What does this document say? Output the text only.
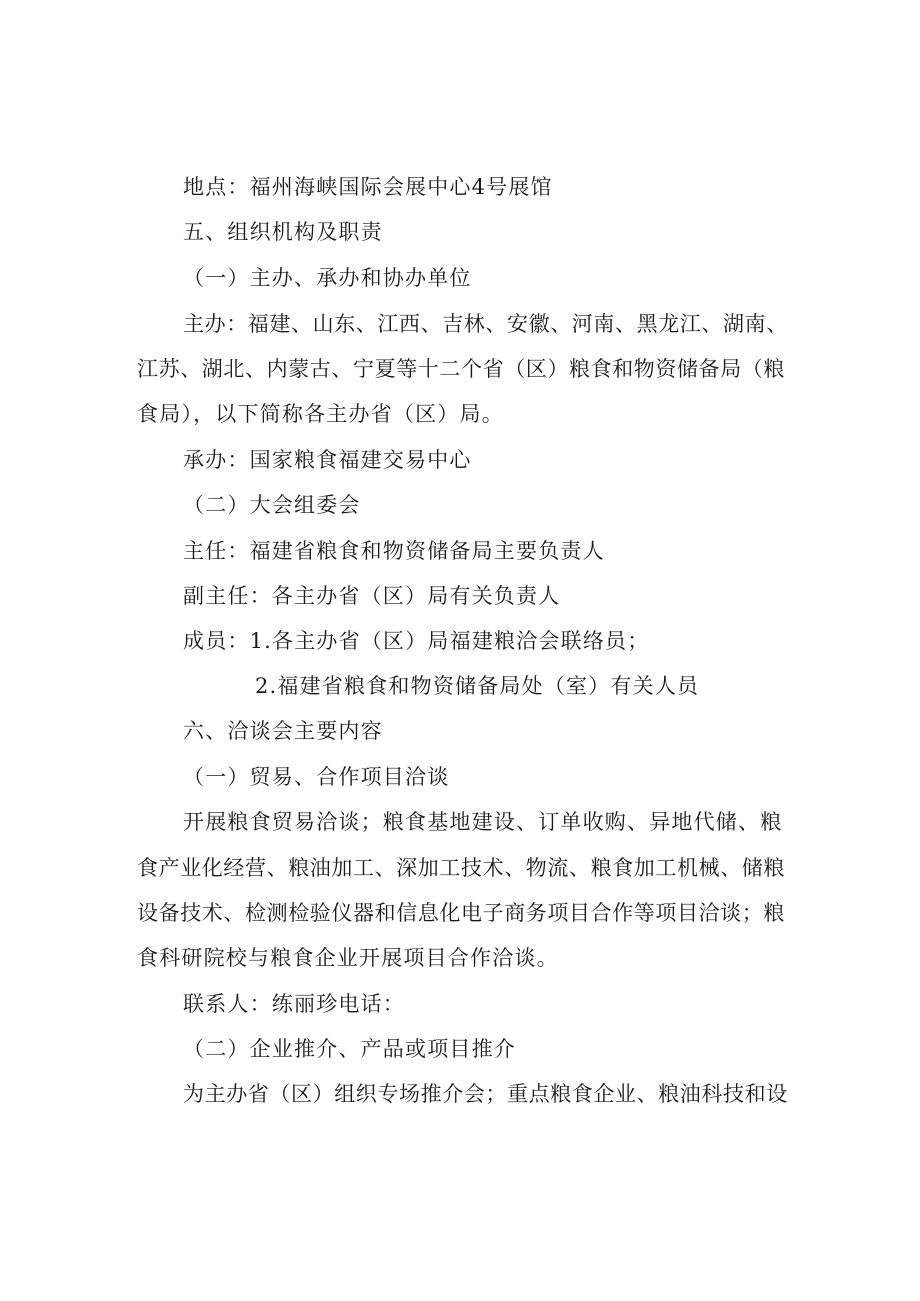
地点：福州海峡国际会展中心4号展馆
五、组织机构及职责
（一）主办、承办和协办单位
主办：福建、山东、江西、吉林、安徽、河南、黑龙江、湖南、
江苏、湖北、内蒙古、宁夏等十二个省（区）粮食和物资储备局（粮
食局），以下简称各主办省（区）局。
承办：国家粮食福建交易中心
（二）大会组委会
主任：福建省粮食和物资储备局主要负责人
副主任：各主办省（区）局有关负责人
成员：1.各主办省（区）局福建粮洽会联络员；
2.福建省粮食和物资储备局处（室）有关人员
六、洽谈会主要内容
（一）贸易、合作项目洽谈
开展粮食贸易洽谈；粮食基地建设、订单收购、异地代储、粮
食产业化经营、粮油加工、深加工技术、物流、粮食加工机械、储粮
设备技术、检测检验仪器和信息化电子商务项目合作等项目洽谈；粮
食科研院校与粮食企业开展项目合作洽谈。
联系人：练丽珍电话：
（二）企业推介、产品或项目推介
为主办省（区）组织专场推介会；重点粮食企业、粮油科技和设
